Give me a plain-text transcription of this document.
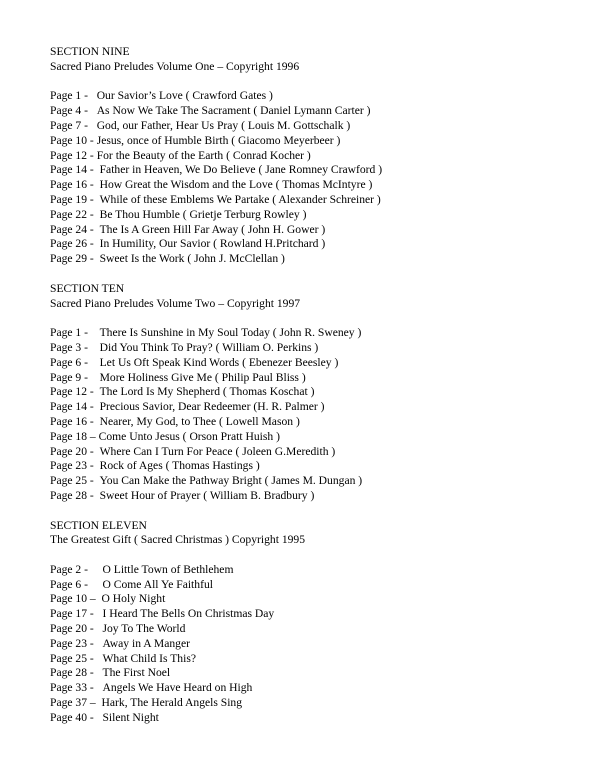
SECTION NINE
Sacred Piano Preludes Volume One – Copyright 1996
Page 1 -   Our Savior’s Love ( Crawford Gates )
Page 4 -   As Now We Take The Sacrament ( Daniel Lymann Carter )
Page 7 -   God, our Father, Hear Us Pray ( Louis M. Gottschalk )
Page 10 - Jesus, once of Humble Birth ( Giacomo Meyerbeer )
Page 12 - For the Beauty of the Earth ( Conrad Kocher )
Page 14 -  Father in Heaven, We Do Believe ( Jane Romney Crawford )
Page 16 -  How Great the Wisdom and the Love ( Thomas McIntyre )
Page 19 -  While of these Emblems We Partake ( Alexander Schreiner )
Page 22 -  Be Thou Humble ( Grietje Terburg Rowley )
Page 24 -  The Is A Green Hill Far Away ( John H. Gower )
Page 26 -  In Humility, Our Savior ( Rowland H.Pritchard )
Page 29 -  Sweet Is the Work ( John J. McClellan )
SECTION TEN
Sacred Piano Preludes Volume Two – Copyright 1997
Page 1 -    There Is Sunshine in My Soul Today ( John R. Sweney )
Page 3 -    Did You Think To Pray? ( William O. Perkins )
Page 6 -    Let Us Oft Speak Kind Words ( Ebenezer Beesley )
Page 9 -    More Holiness Give Me ( Philip Paul Bliss )
Page 12 -  The Lord Is My Shepherd ( Thomas Koschat )
Page 14 -  Precious Savior, Dear Redeemer (H. R. Palmer )
Page 16 -  Nearer, My God, to Thee ( Lowell Mason )
Page 18 – Come Unto Jesus ( Orson Pratt Huish )
Page 20 -  Where Can I Turn For Peace ( Joleen G.Meredith )
Page 23 -  Rock of Ages ( Thomas Hastings )
Page 25 -  You Can Make the Pathway Bright ( James M. Dungan )
Page 28 -  Sweet Hour of Prayer ( William B. Bradbury )
SECTION ELEVEN
The Greatest Gift ( Sacred Christmas ) Copyright 1995
Page 2 -     O Little Town of Bethlehem
Page 6 -     O Come All Ye Faithful
Page 10 –  O Holy Night
Page 17 -   I Heard The Bells On Christmas Day
Page 20 -   Joy To The World
Page 23 -   Away in A Manger
Page 25 -   What Child Is This?
Page 28 -   The First Noel
Page 33 -   Angels We Have Heard on High
Page 37 –  Hark, The Herald Angels Sing
Page 40 -   Silent Night
